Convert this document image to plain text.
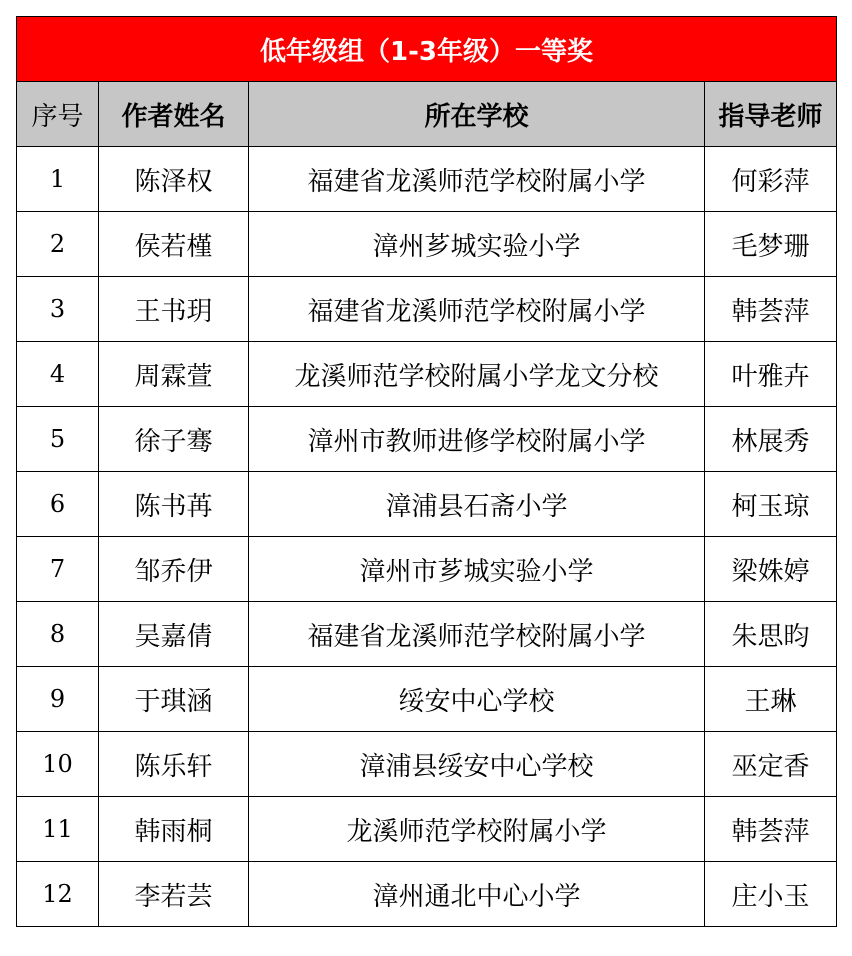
低年级组（1-3年级）一等奖			
序号	作者姓名	所在学校	指导老师
1	陈泽权	福建省龙溪师范学校附属小学	何彩萍
2	侯若槿	漳州芗城实验小学	毛梦珊
3	王书玥	福建省龙溪师范学校附属小学	韩荟萍
4	周霖萱	龙溪师范学校附属小学龙文分校	叶雅卉
5	徐子骞	漳州市教师进修学校附属小学	林展秀
6	陈书苒	漳浦县石斋小学	柯玉琼
7	邹乔伊	漳州市芗城实验小学	梁姝婷
8	吴嘉倩	福建省龙溪师范学校附属小学	朱思昀
9	于琪涵	绥安中心学校	王琳
10	陈乐轩	漳浦县绥安中心学校	巫定香
11	韩雨桐	龙溪师范学校附属小学	韩荟萍
12	李若芸	漳州通北中心小学	庄小玉
